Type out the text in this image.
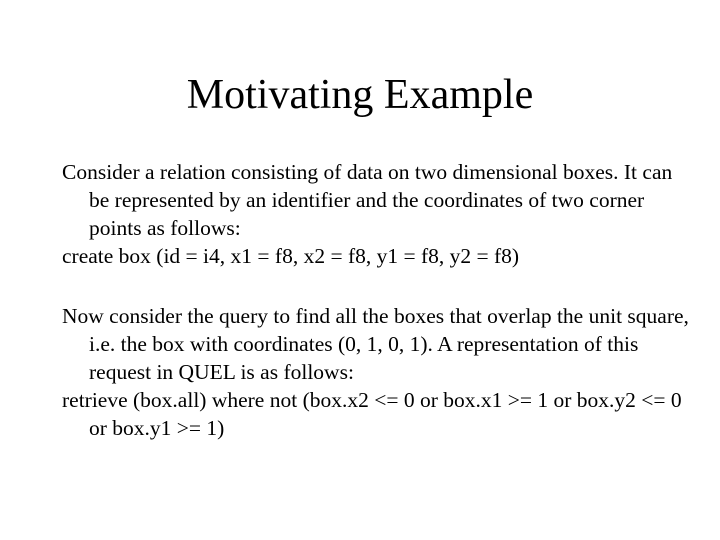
Motivating Example

Consider a relation consisting of data on two dimensional boxes. It can be represented by an identifier and the coordinates of two corner points as follows:

create box (id = i4, x1 = f8, x2 = f8, y1 = f8, y2 = f8)

Now consider the query to find all the boxes that overlap the unit square, i.e. the box with coordinates (0, 1, 0, 1). A representation of this request in QUEL is as follows:

retrieve (box.all) where not (box.x2 <= 0 or box.x1 >= 1 or box.y2 <= 0 or box.y1 >= 1)
